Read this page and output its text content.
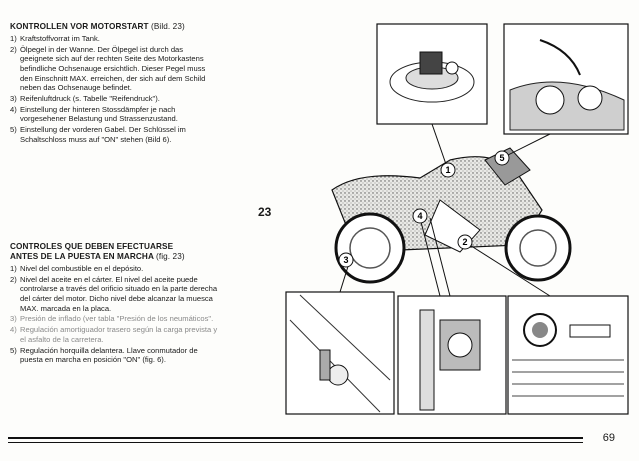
KONTROLLEN VOR MOTORSTART (Bild. 23)
1) Kraftstoffvorrat im Tank.
2) Ölpegel in der Wanne. Der Ölpegel ist durch das geeignete sich auf der rechten Seite des Motorkastens befindliche Ochsenauge ersichtlich. Dieser Pegel muss den Einschnitt MAX. erreichen, der sich auf dem Schild neben das Ochsenauge befindet.
3) Reifenluftdruck (s. Tabelle "Reifendruck").
4) Einstellung der hinteren Stossdämpfer je nach vorgesehener Belastung und Strassenzustand.
5) Einstellung der vorderen Gabel. Der Schlüssel im Schaltschloss muss auf "ON" stehen (Bild 6).
CONTROLES QUE DEBEN EFECTUARSE
ANTES DE LA PUESTA EN MARCHA (fig. 23)
1) Nivel del combustible en el depósito.
2) Nivel del aceite en el cárter. El nivel del aceite puede controlarse a través del orificio situado en la parte derecha del cárter del motor. Dicho nivel debe alcanzar la muesca MAX. marcada en la placa.
3) Presión de inflado (ver tabla "Presión de los neumáticos".
4) Regulación amortiguador trasero según la carga prevista y el asfalto de la carretera.
5) Regulación horquilla delantera. Llave conmutador de puesta en marcha en posición "ON" (fig. 6).
23
1
2
3
4
5
69
